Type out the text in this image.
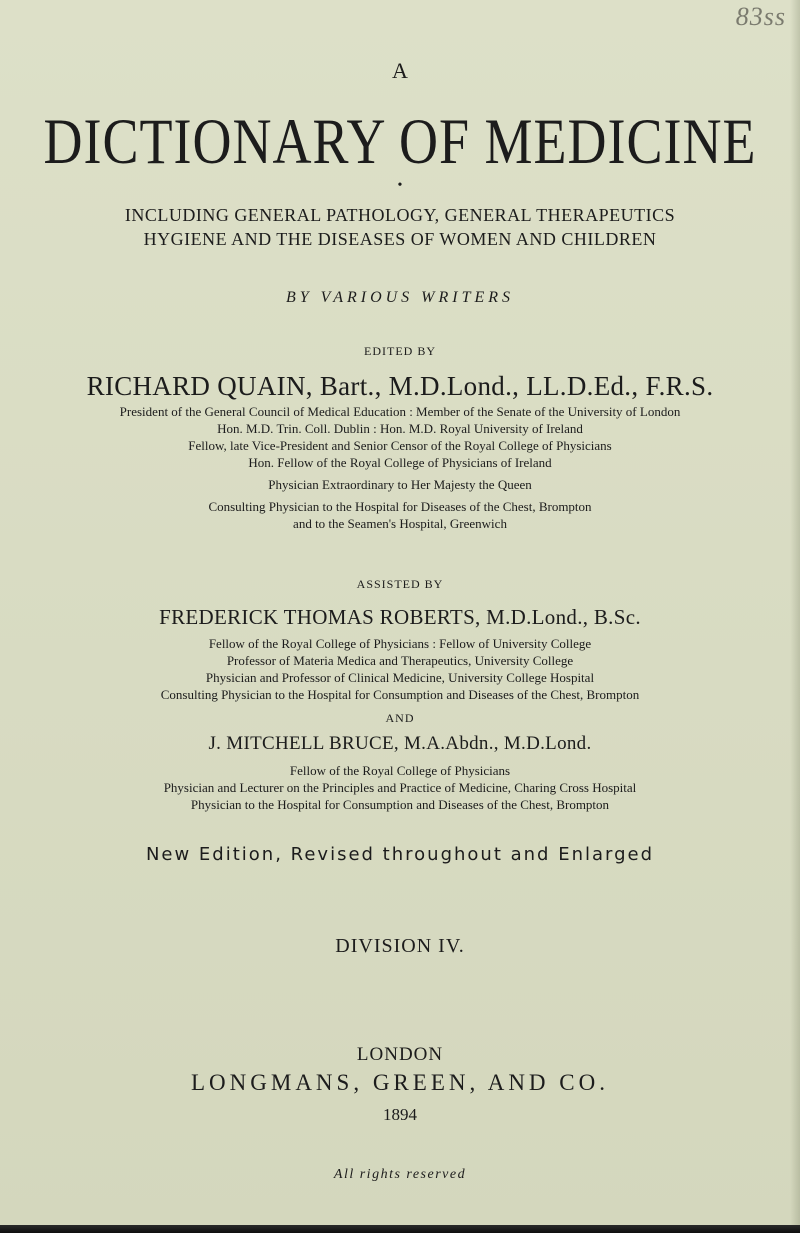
83ss
A
DICTIONARY OF MEDICINE
•
INCLUDING GENERAL PATHOLOGY, GENERAL THERAPEUTICS
HYGIENE AND THE DISEASES OF WOMEN AND CHILDREN
BY VARIOUS WRITERS
EDITED BY
RICHARD QUAIN, Bart., M.D.Lond., LL.D.Ed., F.R.S.
President of the General Council of Medical Education : Member of the Senate of the University of London
Hon. M.D. Trin. Coll. Dublin : Hon. M.D. Royal University of Ireland
Fellow, late Vice-President and Senior Censor of the Royal College of Physicians
Hon. Fellow of the Royal College of Physicians of Ireland
Physician Extraordinary to Her Majesty the Queen
Consulting Physician to the Hospital for Diseases of the Chest, Brompton
and to the Seamen's Hospital, Greenwich
ASSISTED BY
FREDERICK THOMAS ROBERTS, M.D.Lond., B.Sc.
Fellow of the Royal College of Physicians : Fellow of University College
Professor of Materia Medica and Therapeutics, University College
Physician and Professor of Clinical Medicine, University College Hospital
Consulting Physician to the Hospital for Consumption and Diseases of the Chest, Brompton
AND
J. MITCHELL BRUCE, M.A.Abdn., M.D.Lond.
Fellow of the Royal College of Physicians
Physician and Lecturer on the Principles and Practice of Medicine, Charing Cross Hospital
Physician to the Hospital for Consumption and Diseases of the Chest, Brompton
New Edition, Revised throughout and Enlarged
DIVISION IV.
LONDON
LONGMANS, GREEN, AND CO.
1894
All rights reserved
